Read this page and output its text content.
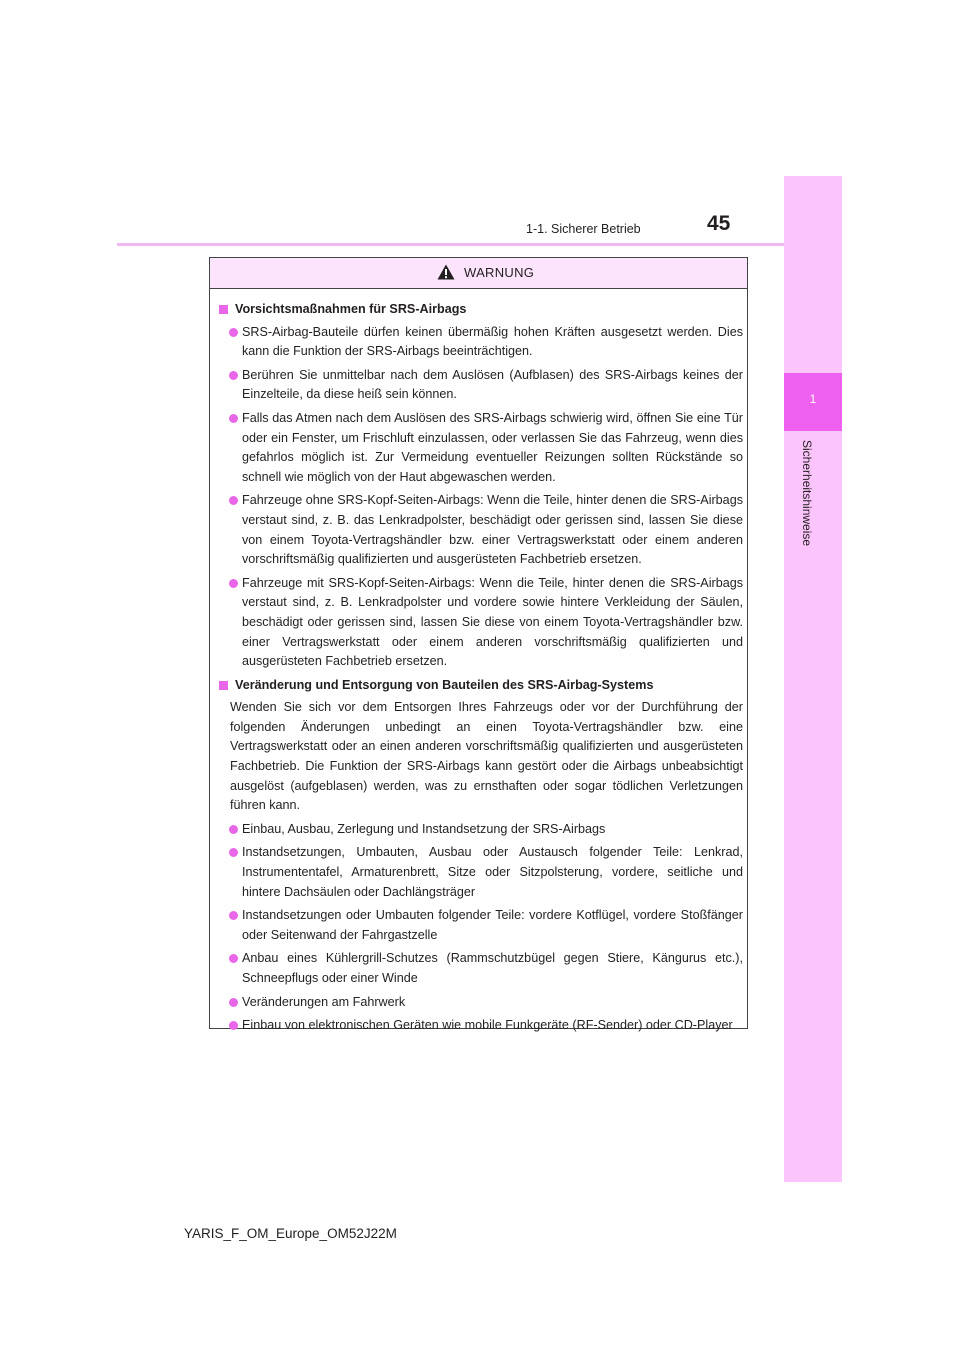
45
1-1. Sicherer Betrieb
1
Sicherheitshinweise
WARNUNG
Vorsichtsmaßnahmen für SRS-Airbags
SRS-Airbag-Bauteile dürfen keinen übermäßig hohen Kräften ausgesetzt werden. Dies kann die Funktion der SRS-Airbags beeinträchtigen.
Berühren Sie unmittelbar nach dem Auslösen (Aufblasen) des SRS-Airbags keines der Einzelteile, da diese heiß sein können.
Falls das Atmen nach dem Auslösen des SRS-Airbags schwierig wird, öffnen Sie eine Tür oder ein Fenster, um Frischluft einzulassen, oder verlassen Sie das Fahrzeug, wenn dies gefahrlos möglich ist. Zur Vermeidung eventueller Reizungen sollten Rückstände so schnell wie möglich von der Haut abgewaschen werden.
Fahrzeuge ohne SRS-Kopf-Seiten-Airbags: Wenn die Teile, hinter denen die SRS-Airbags verstaut sind, z. B. das Lenkradpolster, beschädigt oder gerissen sind, lassen Sie diese von einem Toyota-Vertragshändler bzw. einer Vertragswerkstatt oder einem anderen vorschriftsmäßig qualifizierten und ausgerüsteten Fachbetrieb ersetzen.
Fahrzeuge mit SRS-Kopf-Seiten-Airbags: Wenn die Teile, hinter denen die SRS-Airbags verstaut sind, z. B. Lenkradpolster und vordere sowie hintere Verkleidung der Säulen, beschädigt oder gerissen sind, lassen Sie diese von einem Toyota-Vertragshändler bzw. einer Vertragswerkstatt oder einem anderen vorschriftsmäßig qualifizierten und ausgerüsteten Fachbetrieb ersetzen.
Veränderung und Entsorgung von Bauteilen des SRS-Airbag-Systems
Wenden Sie sich vor dem Entsorgen Ihres Fahrzeugs oder vor der Durchführung der folgenden Änderungen unbedingt an einen Toyota-Vertragshändler bzw. eine Vertragswerkstatt oder an einen anderen vorschriftsmäßig qualifizierten und ausgerüsteten Fachbetrieb. Die Funktion der SRS-Airbags kann gestört oder die Airbags unbeabsichtigt ausgelöst (aufgeblasen) werden, was zu ernsthaften oder sogar tödlichen Verletzungen führen kann.
Einbau, Ausbau, Zerlegung und Instandsetzung der SRS-Airbags
Instandsetzungen, Umbauten, Ausbau oder Austausch folgender Teile: Lenkrad, Instrumententafel, Armaturenbrett, Sitze oder Sitzpolsterung, vordere, seitliche und hintere Dachsäulen oder Dachlängsträger
Instandsetzungen oder Umbauten folgender Teile: vordere Kotflügel, vordere Stoßfänger oder Seitenwand der Fahrgastzelle
Anbau eines Kühlergrill-Schutzes (Rammschutzbügel gegen Stiere, Kängurus etc.), Schneepflugs oder einer Winde
Veränderungen am Fahrwerk
Einbau von elektronischen Geräten wie mobile Funkgeräte (RF-Sender) oder CD-Player
YARIS_F_OM_Europe_OM52J22M
